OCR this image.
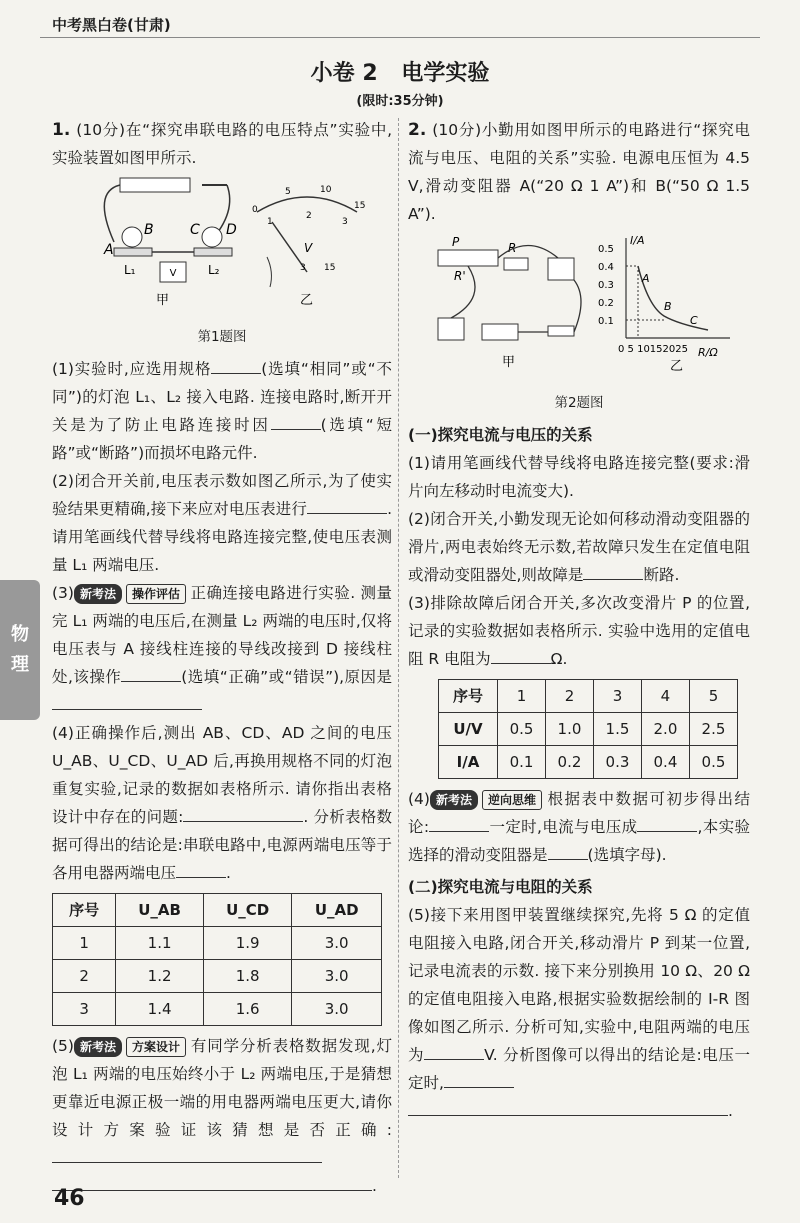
中考黑白卷(甘肃)
小卷 2 电学实验
(限时:35分钟)
物
理

1. (10分)在“探究串联电路的电压特点”实验中,实验装置如图甲所示.

V
A
B	C D
L₁	L₂
甲
0
5	10
15
1
2
3
V
3 15
乙
第1题图

(1)实验时,应选用规格	(选填“相同”或“不同”)的灯泡 L₁、L₂ 接入电路. 连接电路时,断开开关是为了防止电路连接时因	(选填“短路”或“断路”)而损坏电路元件.

(2)闭合开关前,电压表示数如图乙所示,为了使实验结果更精确,接下来应对电压表进行	. 请用笔画线代替导线将电路连接完整,使电压表测量 L₁ 两端电压.

(3) 新考法 操作评估 正确连接电路进行实验. 测量完 L₁ 两端的电压后,在测量 L₂ 两端的电压时,仅将电压表与 A 接线柱连接的导线改接到 D 接线柱处,该操作	(选填“正确”或“错误”),原因是

(4)正确操作后,测出 AB、CD、AD 之间的电压 U_AB、U_CD、U_AD 后,再换用规格不同的灯泡重复实验,记录的数据如表格所示. 请你指出表格设计中存在的问题:	. 分析表格数据可得出的结论是:串联电路中,电源两端电压等于各用电器两端电压	.

序号	U_AB	U_CD	U_AD
1	1.1	1.9	3.0
2	1.2	1.8	3.0
3	1.4	1.6	3.0

(5) 新考法 方案设计 有同学分析表格数据发现,灯泡 L₁ 两端的电压始终小于 L₂ 两端电压,于是猜想更靠近电源正极一端的用电器两端电压更大,请你设计方案验证该猜想是否正确:
.

2. (10分)小勤用如图甲所示的电路进行“探究电流与电压、电阻的关系”实验. 电源电压恒为 4.5 V,滑动变阻器 A(“20 Ω 1 A”)和 B(“50 Ω 1.5 A”).

P
R'
R
甲
I/A
R/Ω
0.5
0.4
0.3
0.2
0.1
0 5 10152025
A
B
C
乙
第2题图
(一)探究电流与电压的关系

(1)请用笔画线代替导线将电路连接完整(要求:滑片向左移动时电流变大).

(2)闭合开关,小勤发现无论如何移动滑动变阻器的滑片,两电表始终无示数,若故障只发生在定值电阻或滑动变阻器处,则故障是	断路.

(3)排除故障后闭合开关,多次改变滑片 P 的位置,记录的实验数据如表格所示. 实验中选用的定值电阻 R 电阻为	Ω.

序号	1	2	3	4	5
U/V	0.5	1.0	1.5	2.0	2.5
I/A	0.1	0.2	0.3	0.4	0.5

(4) 新考法 逆向思维 根据表中数据可初步得出结论:	一定时,电流与电压成	,本实验选择的滑动变阻器是	(选填字母).

(二)探究电流与电阻的关系

(5)接下来用图甲装置继续探究,先将 5 Ω 的定值电阻接入电路,闭合开关,移动滑片 P 到某一位置,记录电流表的示数. 接下来分别换用 10 Ω、20 Ω 的定值电阻接入电路,根据实验数据绘制的 I-R 图像如图乙所示. 分析可知,实验中,电阻两端的电压为	V. 分析图像可以得出的结论是:电压一定时,
.

46
